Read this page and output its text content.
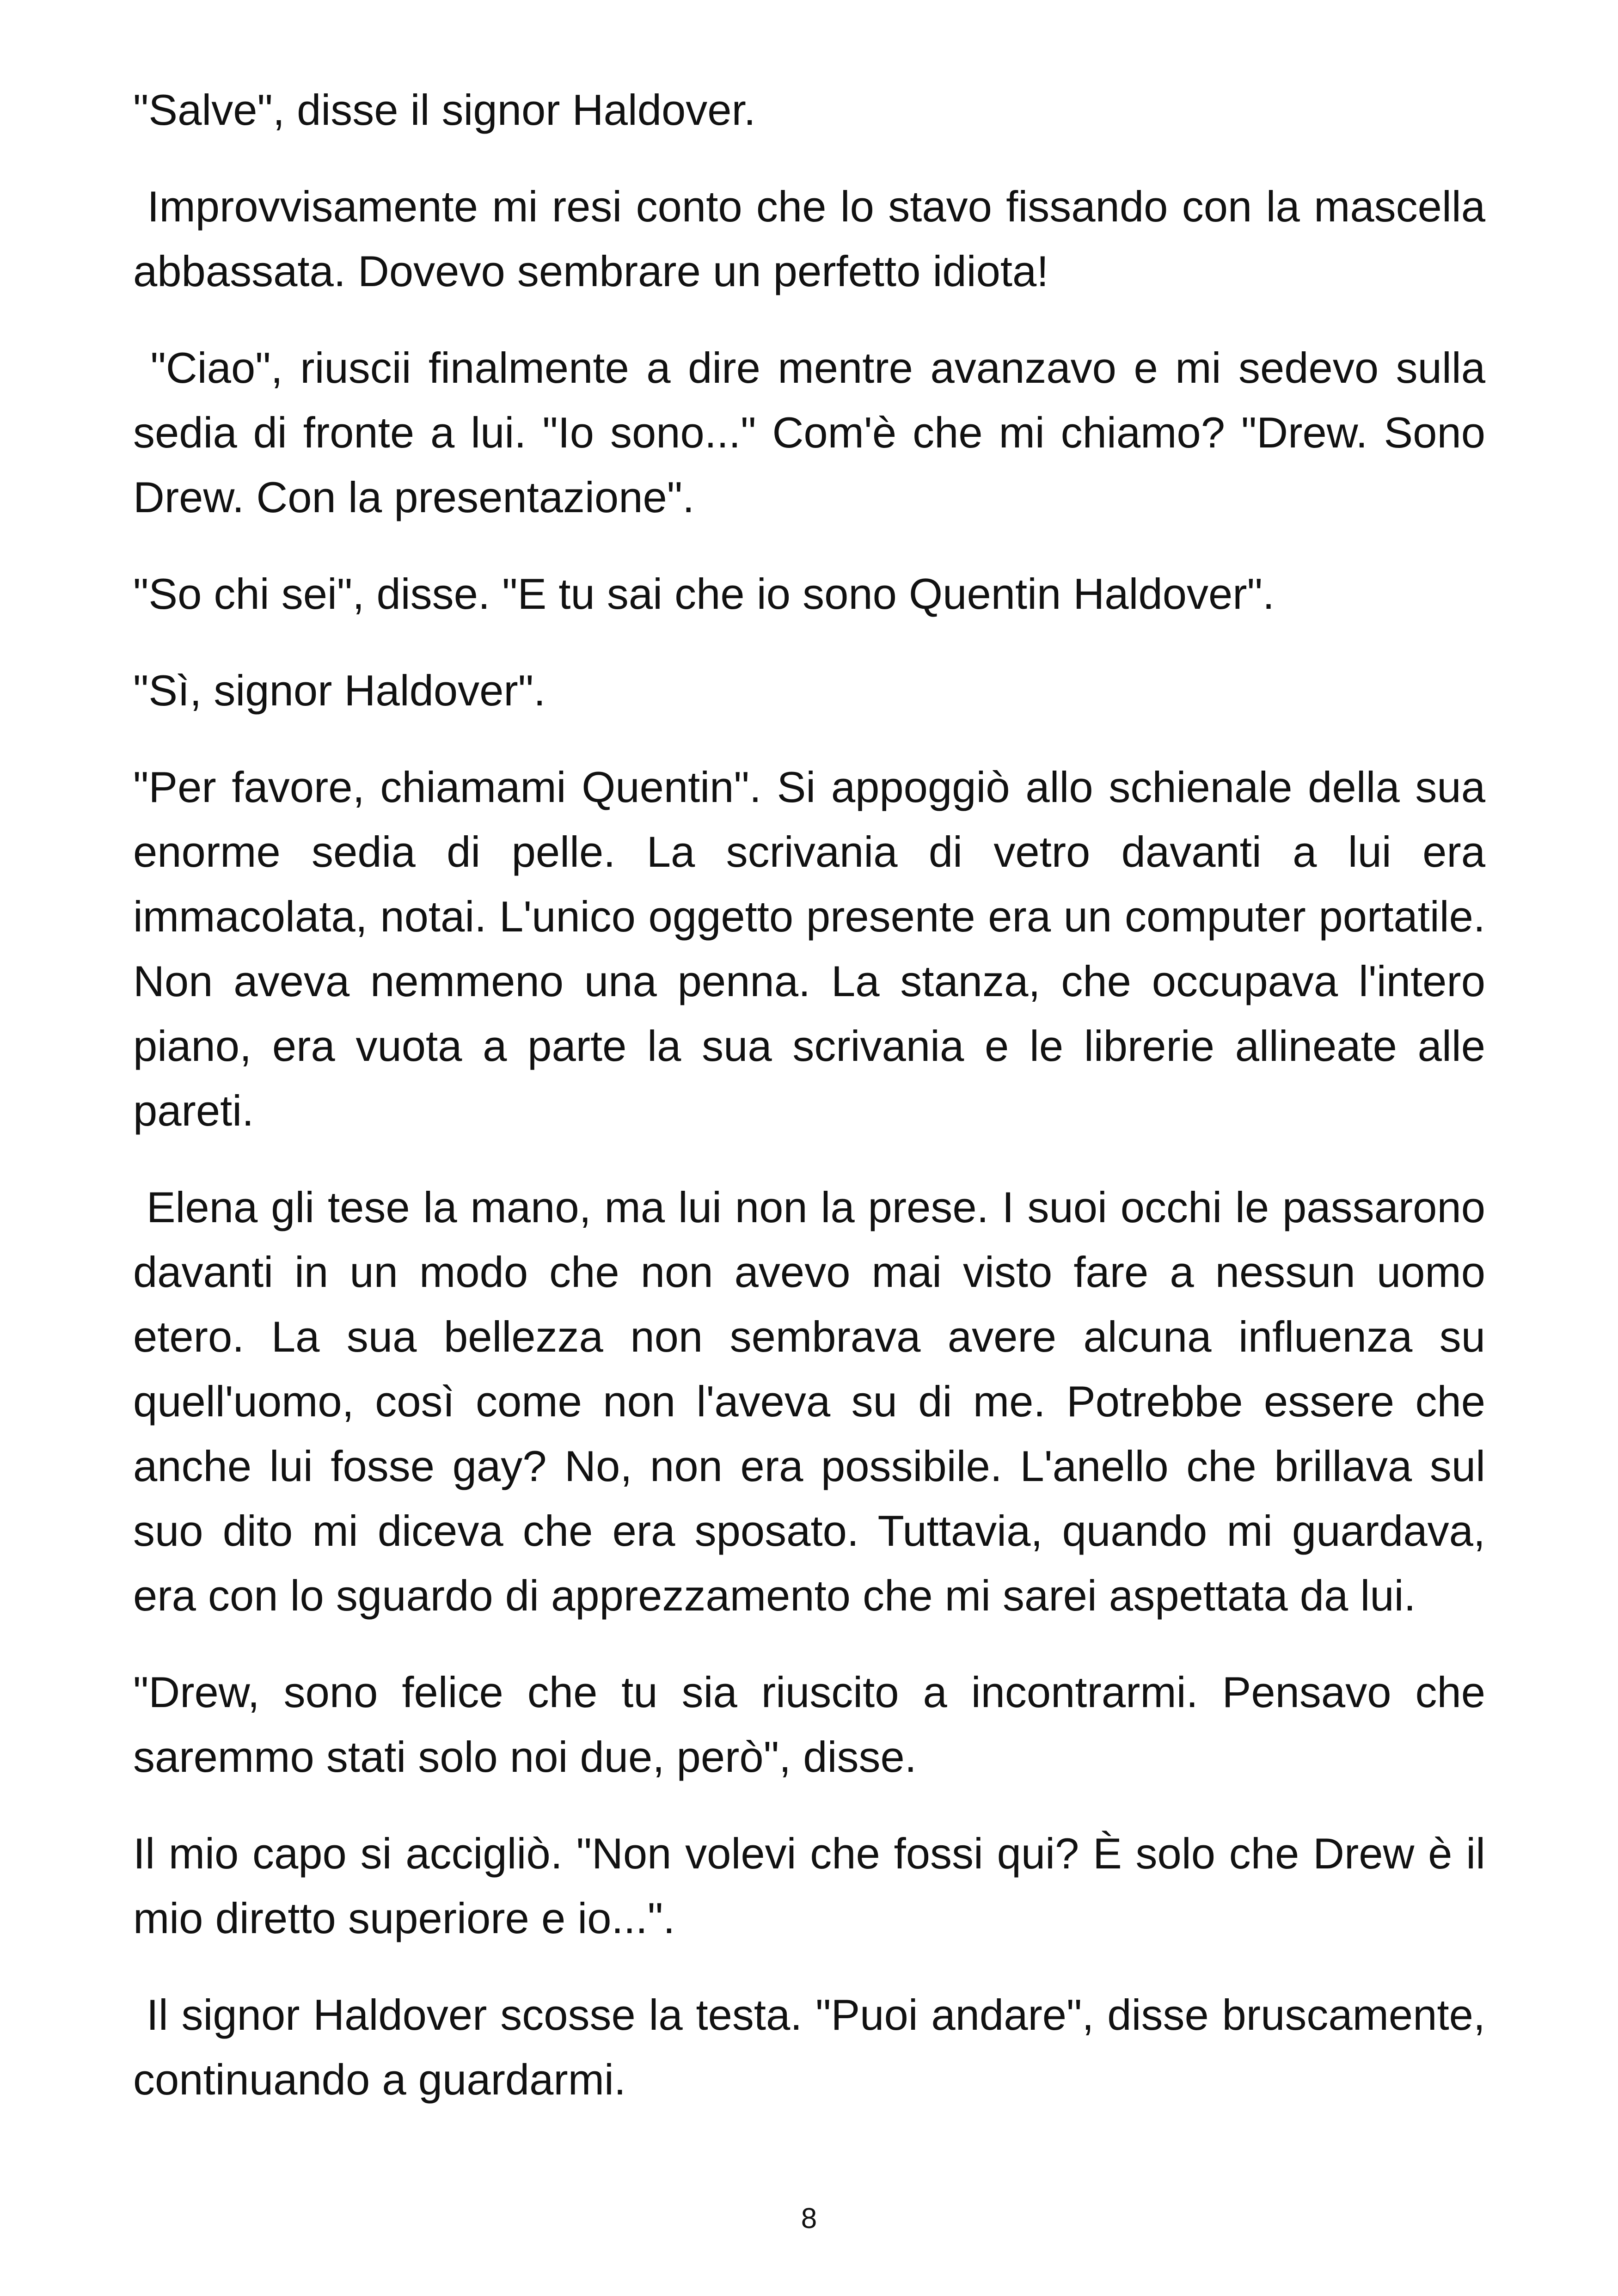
"Salve", disse il signor Haldover.

Improvvisamente mi resi conto che lo stavo fissando con la mascella abbassata. Dovevo sembrare un perfetto idiota!

"Ciao", riuscii finalmente a dire mentre avanzavo e mi sedevo sulla sedia di fronte a lui. "Io sono..." Com'è che mi chiamo? "Drew. Sono Drew. Con la presentazione".

"So chi sei", disse. "E tu sai che io sono Quentin Haldover".

"Sì, signor Haldover".

"Per favore, chiamami Quentin". Si appoggiò allo schienale della sua enorme sedia di pelle. La scrivania di vetro davanti a lui era immacolata, notai. L'unico oggetto presente era un computer portatile. Non aveva nemmeno una penna. La stanza, che occupava l'intero piano, era vuota a parte la sua scrivania e le librerie allineate alle pareti.

Elena gli tese la mano, ma lui non la prese. I suoi occhi le passarono davanti in un modo che non avevo mai visto fare a nessun uomo etero. La sua bellezza non sembrava avere alcuna influenza su quell'uomo, così come non l'aveva su di me. Potrebbe essere che anche lui fosse gay? No, non era possibile. L'anello che brillava sul suo dito mi diceva che era sposato. Tuttavia, quando mi guardava, era con lo sguardo di apprezzamento che mi sarei aspettata da lui.

"Drew, sono felice che tu sia riuscito a incontrarmi. Pensavo che saremmo stati solo noi due, però", disse.

Il mio capo si accigliò. "Non volevi che fossi qui? È solo che Drew è il mio diretto superiore e io...".

Il signor Haldover scosse la testa. "Puoi andare", disse bruscamente, continuando a guardarmi.

8
